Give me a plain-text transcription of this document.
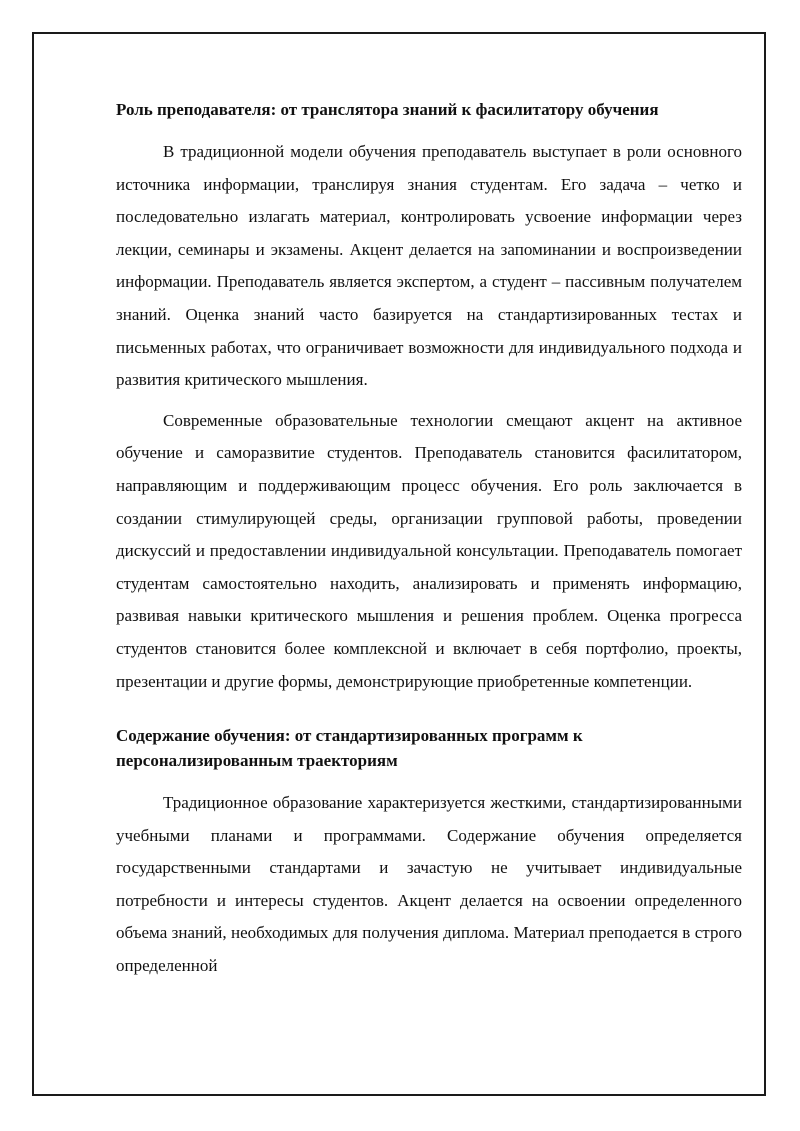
Роль преподавателя: от транслятора знаний к фасилитатору обучения

В традиционной модели обучения преподаватель выступает в роли основного источника информации, транслируя знания студентам. Его задача – четко и последовательно излагать материал, контролировать усвоение информации через лекции, семинары и экзамены. Акцент делается на запоминании и воспроизведении информации. Преподаватель является экспертом, а студент – пассивным получателем знаний. Оценка знаний часто базируется на стандартизированных тестах и письменных работах, что ограничивает возможности для индивидуального подхода и развития критического мышления.

Современные образовательные технологии смещают акцент на активное обучение и саморазвитие студентов. Преподаватель становится фасилитатором, направляющим и поддерживающим процесс обучения. Его роль заключается в создании стимулирующей среды, организации групповой работы, проведении дискуссий и предоставлении индивидуальной консультации. Преподаватель помогает студентам самостоятельно находить, анализировать и применять информацию, развивая навыки критического мышления и решения проблем. Оценка прогресса студентов становится более комплексной и включает в себя портфолио, проекты, презентации и другие формы, демонстрирующие приобретенные компетенции.

Содержание обучения: от стандартизированных программ к персонализированным траекториям

Традиционное образование характеризуется жесткими, стандартизированными учебными планами и программами. Содержание обучения определяется государственными стандартами и зачастую не учитывает индивидуальные потребности и интересы студентов. Акцент делается на освоении определенного объема знаний, необходимых для получения диплома. Материал преподается в строго определенной
